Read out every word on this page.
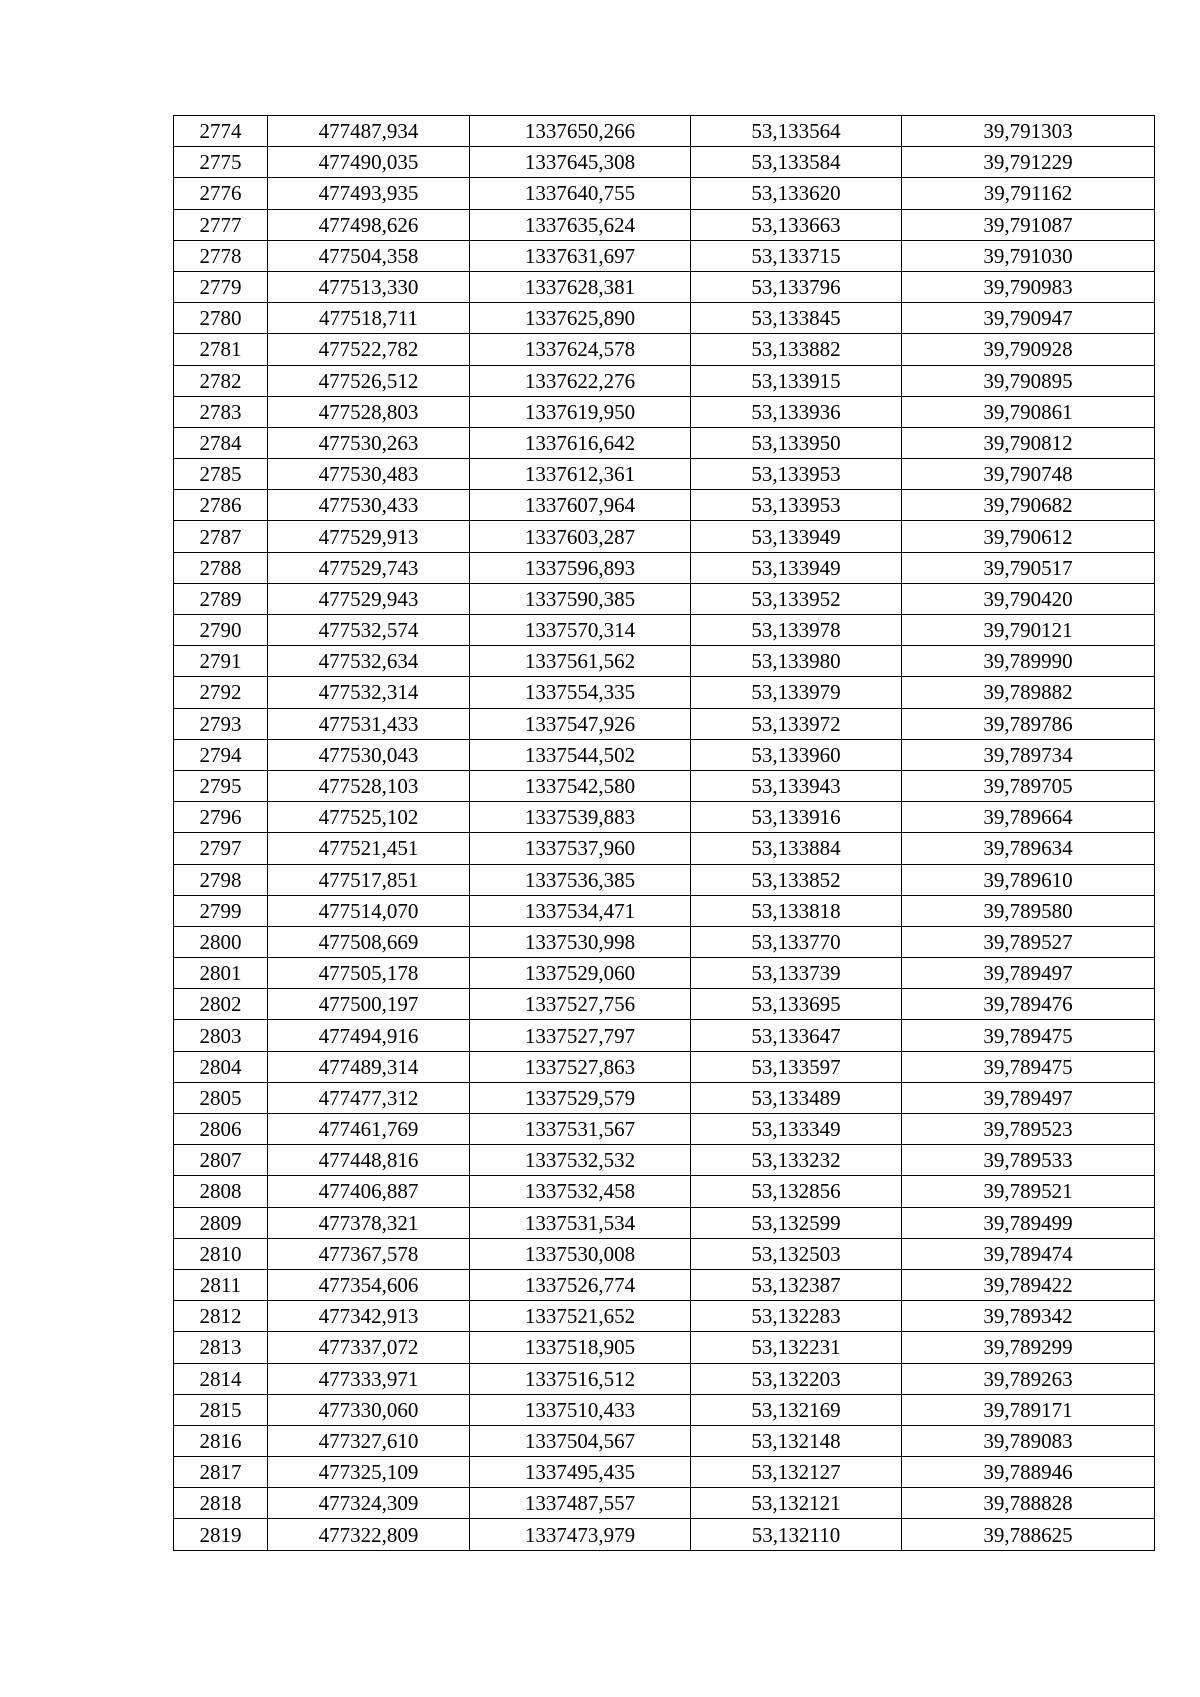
2774	477487,934	1337650,266	53,133564	39,791303
2775	477490,035	1337645,308	53,133584	39,791229
2776	477493,935	1337640,755	53,133620	39,791162
2777	477498,626	1337635,624	53,133663	39,791087
2778	477504,358	1337631,697	53,133715	39,791030
2779	477513,330	1337628,381	53,133796	39,790983
2780	477518,711	1337625,890	53,133845	39,790947
2781	477522,782	1337624,578	53,133882	39,790928
2782	477526,512	1337622,276	53,133915	39,790895
2783	477528,803	1337619,950	53,133936	39,790861
2784	477530,263	1337616,642	53,133950	39,790812
2785	477530,483	1337612,361	53,133953	39,790748
2786	477530,433	1337607,964	53,133953	39,790682
2787	477529,913	1337603,287	53,133949	39,790612
2788	477529,743	1337596,893	53,133949	39,790517
2789	477529,943	1337590,385	53,133952	39,790420
2790	477532,574	1337570,314	53,133978	39,790121
2791	477532,634	1337561,562	53,133980	39,789990
2792	477532,314	1337554,335	53,133979	39,789882
2793	477531,433	1337547,926	53,133972	39,789786
2794	477530,043	1337544,502	53,133960	39,789734
2795	477528,103	1337542,580	53,133943	39,789705
2796	477525,102	1337539,883	53,133916	39,789664
2797	477521,451	1337537,960	53,133884	39,789634
2798	477517,851	1337536,385	53,133852	39,789610
2799	477514,070	1337534,471	53,133818	39,789580
2800	477508,669	1337530,998	53,133770	39,789527
2801	477505,178	1337529,060	53,133739	39,789497
2802	477500,197	1337527,756	53,133695	39,789476
2803	477494,916	1337527,797	53,133647	39,789475
2804	477489,314	1337527,863	53,133597	39,789475
2805	477477,312	1337529,579	53,133489	39,789497
2806	477461,769	1337531,567	53,133349	39,789523
2807	477448,816	1337532,532	53,133232	39,789533
2808	477406,887	1337532,458	53,132856	39,789521
2809	477378,321	1337531,534	53,132599	39,789499
2810	477367,578	1337530,008	53,132503	39,789474
2811	477354,606	1337526,774	53,132387	39,789422
2812	477342,913	1337521,652	53,132283	39,789342
2813	477337,072	1337518,905	53,132231	39,789299
2814	477333,971	1337516,512	53,132203	39,789263
2815	477330,060	1337510,433	53,132169	39,789171
2816	477327,610	1337504,567	53,132148	39,789083
2817	477325,109	1337495,435	53,132127	39,788946
2818	477324,309	1337487,557	53,132121	39,788828
2819	477322,809	1337473,979	53,132110	39,788625
